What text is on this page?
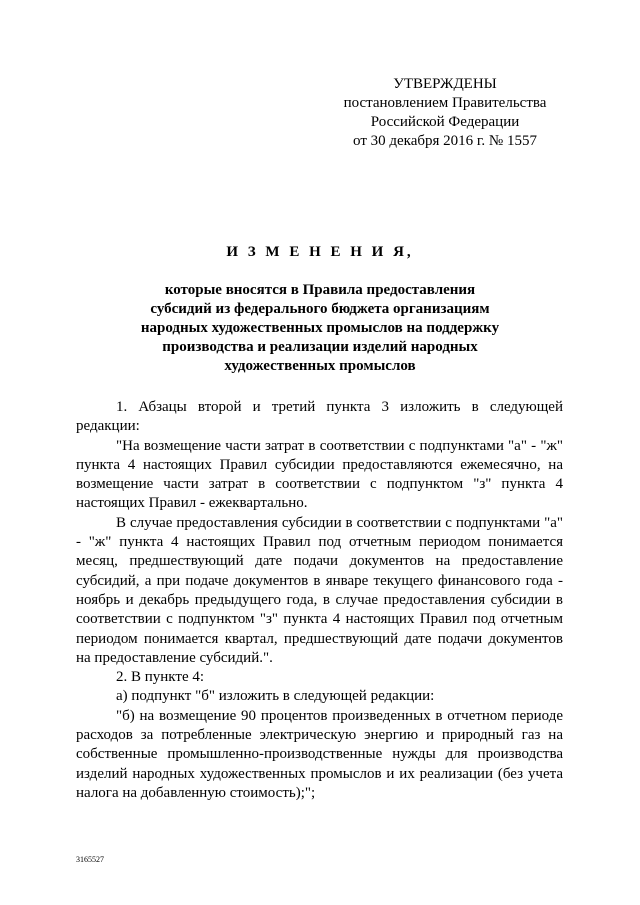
УТВЕРЖДЕНЫ
постановлением Правительства
Российской Федерации
от 30 декабря 2016 г. № 1557
И З М Е Н Е Н И Я,
которые вносятся в Правила предоставления
субсидий из федерального бюджета организациям
народных художественных промыслов на поддержку
производства и реализации изделий народных
художественных промыслов

1. Абзацы второй и третий пункта 3 изложить в следующей редакции:

"На возмещение части затрат в соответствии с подпунктами "а" - "ж" пункта 4 настоящих Правил субсидии предоставляются ежемесячно, на возмещение части затрат в соответствии с подпунктом "з" пункта 4 настоящих Правил - ежеквартально.

В случае предоставления субсидии в соответствии с подпунктами "а" - "ж" пункта 4 настоящих Правил под отчетным периодом понимается месяц, предшествующий дате подачи документов на предоставление субсидий, а при подаче документов в январе текущего финансового года - ноябрь и декабрь предыдущего года, в случае предоставления субсидии в соответствии с подпунктом "з" пункта 4 настоящих Правил под отчетным периодом понимается квартал, предшествующий дате подачи документов на предоставление субсидий.".

2. В пункте 4:

а) подпункт "б" изложить в следующей редакции:

"б) на возмещение 90 процентов произведенных в отчетном периоде расходов за потребленные электрическую энергию и природный газ на собственные промышленно-производственные нужды для производства изделий народных художественных промыслов и их реализации (без учета налога на добавленную стоимость);";

3165527
